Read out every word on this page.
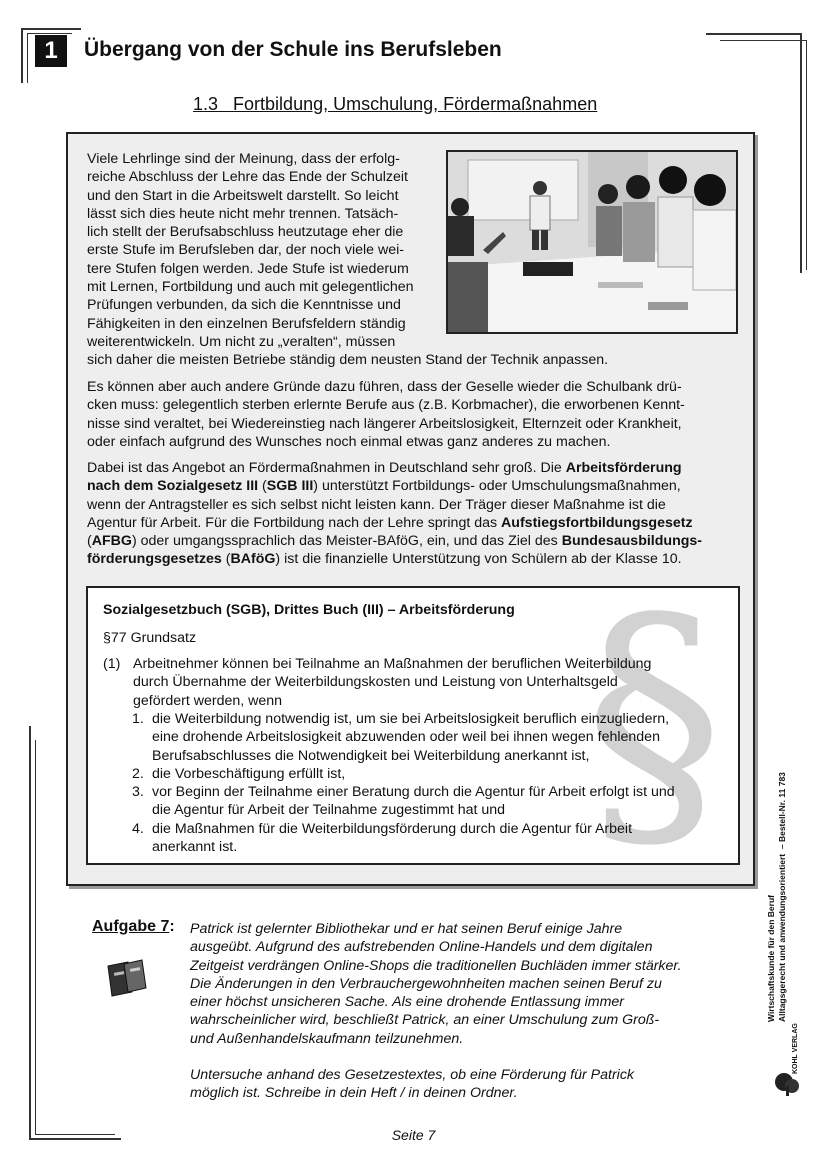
1	Übergang von der Schule ins Berufsleben
1.3 Fortbildung, Umschulung, Fördermaßnahmen
Viele Lehrlinge sind der Meinung, dass der erfolg-
reiche Abschluss der Lehre das Ende der Schulzeit
und den Start in die Arbeitswelt darstellt. So leicht
lässt sich dies heute nicht mehr trennen. Tatsäch-
lich stellt der Berufsabschluss heutzutage eher die
erste Stufe im Berufsleben dar, der noch viele wei-
tere Stufen folgen werden. Jede Stufe ist wiederum
mit Lernen, Fortbildung und auch mit gelegentlichen
Prüfungen verbunden, da sich die Kenntnisse und
Fähigkeiten in den einzelnen Berufsfeldern ständig
weiterentwickeln. Um nicht zu „veralten“, müssen
sich daher die meisten Betriebe ständig dem neusten Stand der Technik anpassen.
Es können aber auch andere Gründe dazu führen, dass der Geselle wieder die Schulbank drü-
cken muss: gelegentlich sterben erlernte Berufe aus (z.B. Korbmacher), die erworbenen Kennt-
nisse sind veraltet, bei Wiedereinstieg nach längerer Arbeitslosigkeit, Elternzeit oder Krankheit,
oder einfach aufgrund des Wunsches noch einmal etwas ganz anderes zu machen.
Dabei ist das Angebot an Fördermaßnahmen in Deutschland sehr groß. Die Arbeitsförderung
nach dem Sozialgesetz III (SGB III) unterstützt Fortbildungs- oder Umschulungsmaßnahmen,
wenn der Antragsteller es sich selbst nicht leisten kann. Der Träger dieser Maßnahme ist die
Agentur für Arbeit. Für die Fortbildung nach der Lehre springt das Aufstiegsfortbildungsgesetz
(AFBG) oder umgangssprachlich das Meister-BAföG, ein, und das Ziel des Bundesausbildungs-
förderungsgesetzes (BAföG) ist die finanzielle Unterstützung von Schülern ab der Klasse 10.
§
Sozialgesetzbuch (SGB), Drittes Buch (III) – Arbeitsförderung
§77 Grundsatz
(1) Arbeitnehmer können bei Teilnahme an Maßnahmen der beruflichen Weiterbildung
durch Übernahme der Weiterbildungskosten und Leistung von Unterhaltsgeld
gefördert werden, wenn
1. die Weiterbildung notwendig ist, um sie bei Arbeitslosigkeit beruflich einzugliedern,
eine drohende Arbeitslosigkeit abzuwenden oder weil bei ihnen wegen fehlenden
Berufsabschlusses die Notwendigkeit bei Weiterbildung anerkannt ist,
2. die Vorbeschäftigung erfüllt ist,
3. vor Beginn der Teilnahme einer Beratung durch die Agentur für Arbeit erfolgt ist und
die Agentur für Arbeit der Teilnahme zugestimmt hat und
4. die Maßnahmen für die Weiterbildungsförderung durch die Agentur für Arbeit
anerkannt ist.
Aufgabe 7: Patrick ist gelernter Bibliothekar und er hat seinen Beruf einige Jahre
ausgeübt. Aufgrund des aufstrebenden Online-Handels und dem digitalen
Zeitgeist verdrängen Online-Shops die traditionellen Buchläden immer stärker.
Die Änderungen in den Verbrauchergewohnheiten machen seinen Beruf zu
einer höchst unsicheren Sache. Als eine drohende Entlassung immer
wahrscheinlicher wird, beschließt Patrick, an einer Umschulung zum Groß-
und Außenhandelskaufmann teilzunehmen.
Untersuche anhand des Gesetzestextes, ob eine Förderung für Patrick
möglich ist. Schreibe in dein Heft / in deinen Ordner.
Wirtschaftskunde für den Beruf Alltagsgerecht und anwendungsorientiert  – Bestell-Nr. 11 783
KOHL VERLAG
Seite 7
